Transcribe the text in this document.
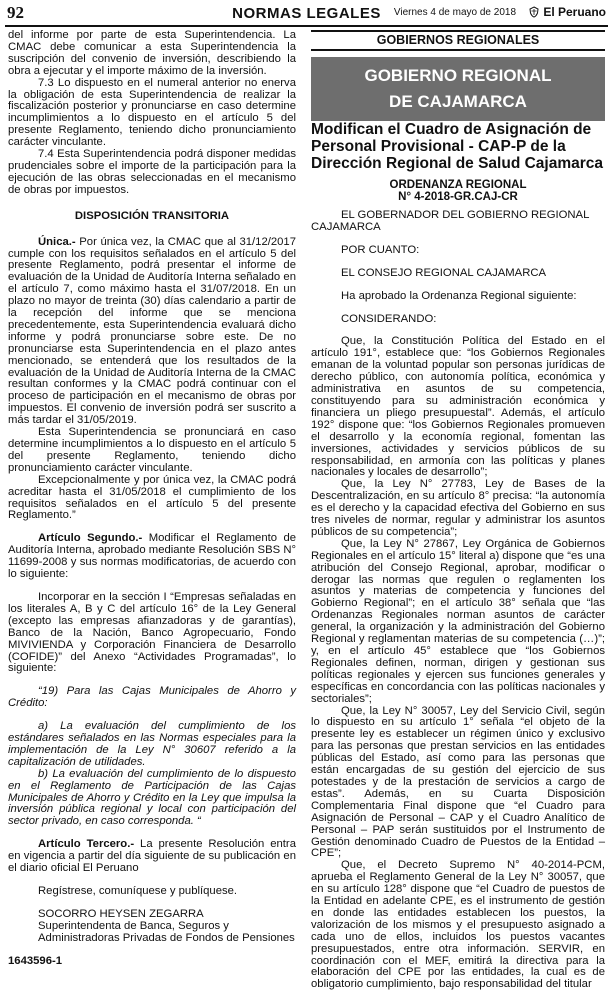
92	NORMAS LEGALES	Viernes 4 de mayo de 2018 El Peruano

del informe por parte de esta Superintendencia. La CMAC debe comunicar a esta Superintendencia la suscripción del convenio de inversión, describiendo la obra a ejecutar y el importe máximo de la inversión.

7.3 Lo dispuesto en el numeral anterior no enerva la obligación de esta Superintendencia de realizar la fiscalización posterior y pronunciarse en caso determine incumplimientos a lo dispuesto en el artículo 5 del presente Reglamento, teniendo dicho pronunciamiento carácter vinculante.

7.4 Esta Superintendencia podrá disponer medidas prudenciales sobre el importe de la participación para la ejecución de las obras seleccionadas en el mecanismo de obras por impuestos.

DISPOSICIÓN TRANSITORIA

Única.- Por única vez, la CMAC que al 31/12/2017 cumple con los requisitos señalados en el artículo 5 del presente Reglamento, podrá presentar el informe de evaluación de la Unidad de Auditoría Interna señalado en el artículo 7, como máximo hasta el 31/07/2018. En un plazo no mayor de treinta (30) días calendario a partir de la recepción del informe que se menciona precedentemente, esta Superintendencia evaluará dicho informe y podrá pronunciarse sobre este. De no pronunciarse esta Superintendencia en el plazo antes mencionado, se entenderá que los resultados de la evaluación de la Unidad de Auditoría Interna de la CMAC resultan conformes y la CMAC podrá continuar con el proceso de participación en el mecanismo de obras por impuestos. El convenio de inversión podrá ser suscrito a más tardar el 31/05/2019.

Esta Superintendencia se pronunciará en caso determine incumplimientos a lo dispuesto en el artículo 5 del presente Reglamento, teniendo dicho pronunciamiento carácter vinculante.

Excepcionalmente y por única vez, la CMAC podrá acreditar hasta el 31/05/2018 el cumplimiento de los requisitos señalados en el artículo 5 del presente Reglamento.”

Artículo Segundo.- Modificar el Reglamento de Auditoría Interna, aprobado mediante Resolución SBS N° 11699-2008 y sus normas modificatorias, de acuerdo con lo siguiente:

Incorporar en la sección I “Empresas señaladas en los literales A, B y C del artículo 16° de la Ley General (excepto las empresas afianzadoras y de garantías), Banco de la Nación, Banco Agropecuario, Fondo MIVIVIENDA y Corporación Financiera de Desarrollo (COFIDE)” del Anexo “Actividades Programadas”, lo siguiente:

“19) Para las Cajas Municipales de Ahorro y Crédito:

a) La evaluación del cumplimiento de los estándares señalados en las Normas especiales para la implementación de la Ley N° 30607 referido a la capitalización de utilidades.

b) La evaluación del cumplimiento de lo dispuesto en el Reglamento de Participación de las Cajas Municipales de Ahorro y Crédito en la Ley que impulsa la inversión pública regional y local con participación del sector privado, en caso corresponda. “

Artículo Tercero.- La presente Resolución entra en vigencia a partir del día siguiente de su publicación en el diario oficial El Peruano

Regístrese, comuníquese y publíquese.

SOCORRO HEYSEN ZEGARRA

Superintendenta de Banca, Seguros y

Administradoras Privadas de Fondos de Pensiones

1643596-1

GOBIERNOS REGIONALES
GOBIERNO REGIONAL
DE CAJAMARCA

Modifican el Cuadro de Asignación de Personal Provisional - CAP-P de la Dirección Regional de Salud Cajamarca

ORDENANZA REGIONAL
N° 4-2018-GR.CAJ-CR

EL GOBERNADOR DEL GOBIERNO REGIONAL CAJAMARCA

POR CUANTO:

EL CONSEJO REGIONAL CAJAMARCA

Ha aprobado la Ordenanza Regional siguiente:

CONSIDERANDO:

Que, la Constitución Política del Estado en el artículo 191°, establece que: “los Gobiernos Regionales emanan de la voluntad popular son personas jurídicas de derecho público, con autonomía política, económica y administrativa en asuntos de su competencia, constituyendo para su administración económica y financiera un pliego presupuestal”. Además, el artículo 192° dispone que: “los Gobiernos Regionales promueven el desarrollo y la economía regional, fomentan las inversiones, actividades y servicios públicos de su responsabilidad, en armonía con las políticas y planes nacionales y locales de desarrollo”;

Que, la Ley N° 27783, Ley de Bases de la Descentralización, en su artículo 8° precisa: “la autonomía es el derecho y la capacidad efectiva del Gobierno en sus tres niveles de normar, regular y administrar los asuntos públicos de su competencia”;

Que, la Ley N° 27867, Ley Orgánica de Gobiernos Regionales en el artículo 15° literal a) dispone que “es una atribución del Consejo Regional, aprobar, modificar o derogar las normas que regulen o reglamenten los asuntos y materias de competencia y funciones del Gobierno Regional”; en el artículo 38° señala que “las Ordenanzas Regionales norman asuntos de carácter general, la organización y la administración del Gobierno Regional y reglamentan materias de su competencia (…)”; y, en el artículo 45° establece que “los Gobiernos Regionales definen, norman, dirigen y gestionan sus políticas regionales y ejercen sus funciones generales y específicas en concordancia con las políticas nacionales y sectoriales”;

Que, la Ley N° 30057, Ley del Servicio Civil, según lo dispuesto en su artículo 1° señala “el objeto de la presente ley es establecer un régimen único y exclusivo para las personas que prestan servicios en las entidades públicas del Estado, así como para las personas que están encargadas de su gestión del ejercicio de sus potestades y de la prestación de servicios a cargo de estas”. Además, en su Cuarta Disposición Complementaria Final dispone que “el Cuadro para Asignación de Personal – CAP y el Cuadro Analítico de Personal – PAP serán sustituidos por el Instrumento de Gestión denominado Cuadro de Puestos de la Entidad – CPE”;

Que, el Decreto Supremo N° 40-2014-PCM, aprueba el Reglamento General de la Ley N° 30057, que en su artículo 128° dispone que “el Cuadro de puestos de la Entidad en adelante CPE, es el instrumento de gestión en donde las entidades establecen los puestos, la valorización de los mismos y el presupuesto asignado a cada uno de ellos, incluidos los puestos vacantes presupuestados, entre otra información. SERVIR, en coordinación con el MEF, emitirá la directiva para la elaboración del CPE por las entidades, la cual es de obligatorio cumplimiento, bajo responsabilidad del titular
